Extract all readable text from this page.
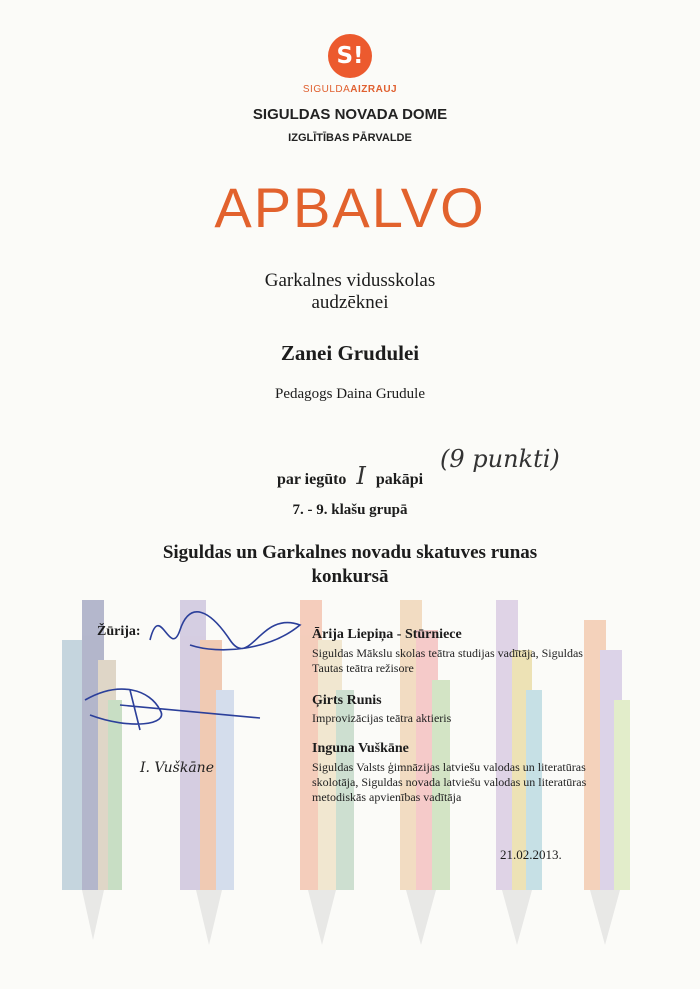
S!
SIGULDAAIZRAUJ
SIGULDAS NOVADA DOME
IZGLĪTĪBAS PĀRVALDE
APBALVO
Garkalnes vidusskolas
audzēknei
Zanei Grudulei
Pedagogs Daina Grudule
par iegūto I pakāpi
(9 punkti)
7. - 9. klašu grupā
Siguldas un Garkalnes novadu skatuves runas
konkursā
Žūrija:	Ārija Liepiņa - Stūrniece
Siguldas Mākslu skolas teātra studijas vadītāja, Siguldas Tautas teātra režisore
Ģirts Runis
Improvizācijas teātra aktieris
Inguna Vuškāne
Siguldas Valsts ģimnāzijas latviešu valodas un literatūras skolotāja, Siguldas novada latviešu valodas un literatūras metodiskās apvienības vadītāja
I. Vuškāne
21.02.2013.
